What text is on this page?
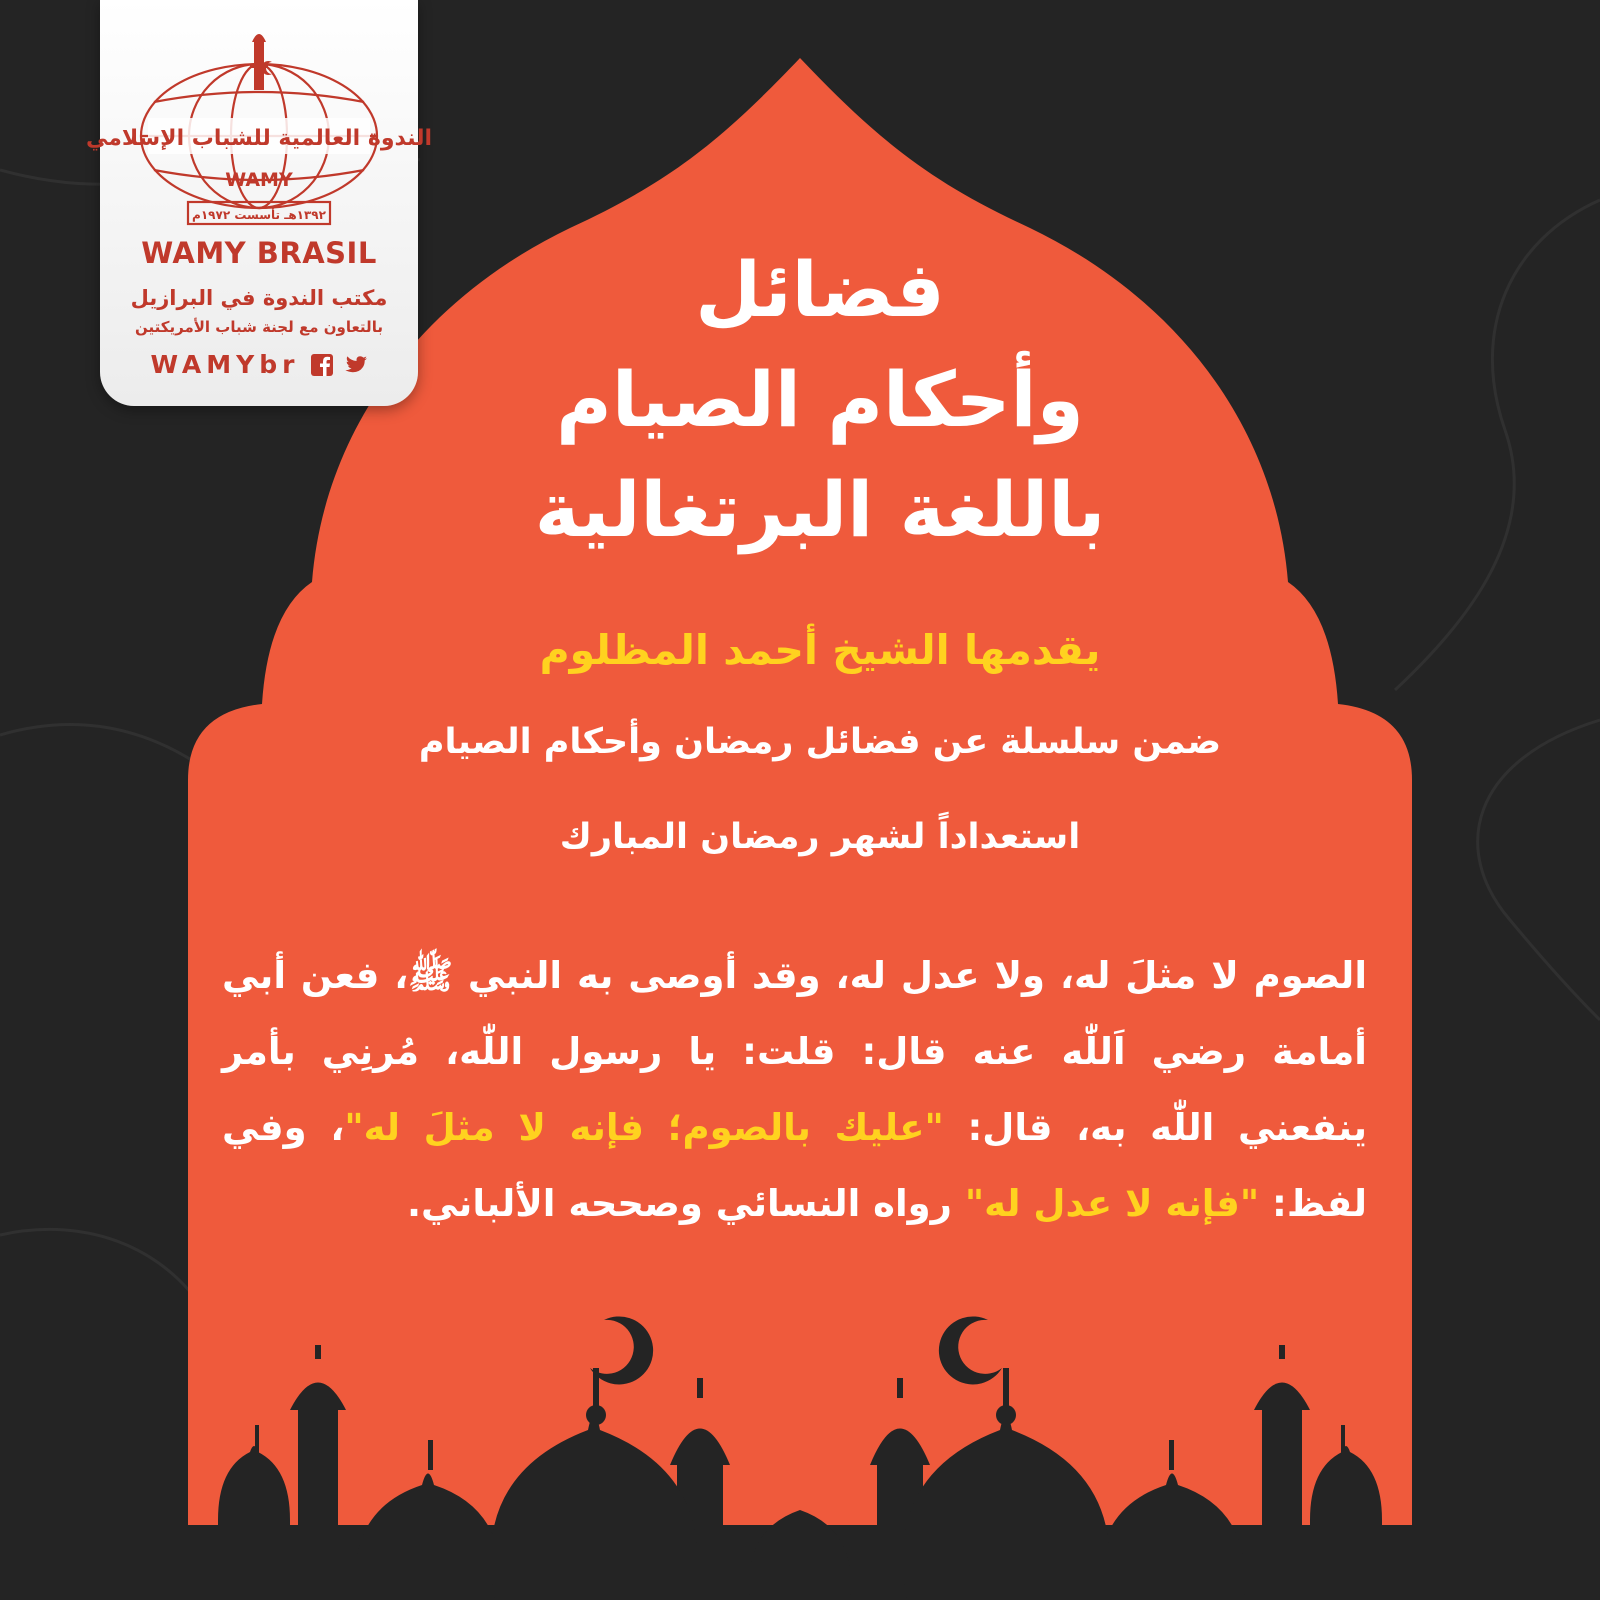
الندوة العالمية للشباب الإسلامي
WAMY
١٣٩٢هـ تأسست ١٩٧٢م
WAMY BRASIL
مكتب الندوة في البرازيل
بالتعاون مع لجنة شباب الأمريكتين
WAMYbr
فضائل
وأحكام الصيام
باللغة البرتغالية
يقدمها الشيخ أحمد المظلوم
ضمن سلسلة عن فضائل رمضان وأحكام الصيام
استعداداً لشهر رمضان المبارك
الصوم لا مثلَ له، ولا عدل له، وقد أوصى به النبي ﷺ، فعن أبي أمامة رضي اَللّٰه عنه قال: قلت: يا رسول اللّٰه، مُرنِي بأمر ينفعني اللّٰه به، قال: "عليك بالصوم؛ فإنه لا مثلَ له"، وفي لفظ: "فإنه لا عدل له" رواه النسائي وصححه الألباني.
